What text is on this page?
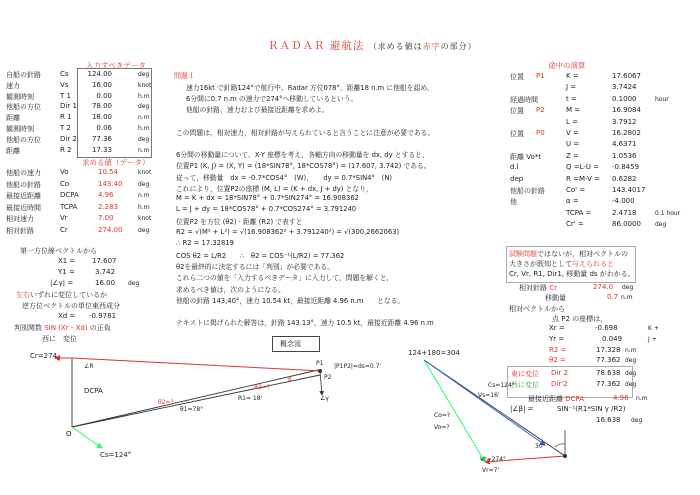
ＲＡＤＡＲ 避航法 （求める値は赤字の部分）
入力すべきデータ
自船の針路	Cs	124.00	deg
速力	Vs	16.00	knot
観測時刻	T 1	0.00	h.m
他船の方位	Dir 1 78.00	deg
距離	R 1	18.00	n.m
観測時刻	T 2	0.06	h.m
他船の方位	Dir 2 77.36	deg
距離	R 2	17.33	n.m
求める値（データ）
他船の速力	Vo	10.54	knot
他船の針路	Co	143.40	deg
最接近距離	DCPA	4.96	n.m
最接近時間	TCPA	2.283	h.m
相対速力	Vr	7.00	knot
相対針路	Cr	274.00	deg
第一方位線ベクトルから
X1 = 17.607
Y1 =	3.742
|∠γ| =	16.00 deg
左右いずれに変位しているか
逆方位ベクトルの単位東西成分
Xd = -0.9781
判別関数 SIN (Xr - Xd) の正負
西に　変位
問題１
速力16kt で針路124°で航行中、Radar 方位078°、距離18 n.m に他船を認め、
6分間に0.7 n.m の速力で274°へ移動しているという。
他船の針路、速力および最接近距離を求めよ。
この問題は，相対速力，相対針路が与えられていると言うことに注意が必要である。
6分間の移動量について、X-Y 座標を考え，各軸方向の移動量を dx, dy とすると，
位置P1 (K, J) = (X, Y) = (18*SIN78°, 18*COS78°) = (17.607, 3.742) である。
従って，移動量　dx = -0.7*COS4°　(W)，　　dy = 0.7*SIN4°　(N)
これにより，位置P2の座標 (M, L) = (K + dx, J + dy) となり，
M = K + dx = 18*SIN78° + 0.7*SIN274° = 16.908362
L = J + dy = 18*COS78° + 0.7*COS274° = 3.791240
位置P2 を方位 (θ2) · 距離 (R2) で表すと
R2 = √(M² + L²) = √(16.908362² + 3.791240²) = √(300,2662063)
∴ R2 = 17.32819
COS θ2 = L/R2　　∴　θ2 = COS⁻¹(L/R2) = 77.362
θ2を最終的に決定するには「判別」が必要である。
これら二つの値を「入力するべきデータ」に入力して，問題を解くと，
求めるべき値は，次のようになる。
他船の針路 143,40°，速力 10.54 kt，最接近距離 4.96 n.m　　となる。
テキストに掲げられた解答は，針路 143.13°，速力 10.5 kt，最接近距離 4.96 n.m
途中の演算
位置 P1	K =	17.6067
J =	3.7424
経過時間	t =	0.1000	hour
位置 P2	M =	16.9084
L =	3.7912
位置 P0	V =	16.2802
U =	4.6371
距離 Vo*t	Z =	1.0536
d.l	Q =L-U = -0.8459
dep	R =M-V = 0.6282
他船の針路	Co' =	143.4017
他	α =	-4.000
TCPA =	2.4718	0.1 hour
Cr' =	86.0000 deg
試験問題ではないが，相対ベクトルの
大きさが既知として与えられると
Cr, Vr, R1, Dir1, 移動量 ds がわかる。
相対針路 Cr	274.0 deg
移動量	0.7 n.m
相対ベクトルから
点 P2 の座標は，
Xr =	-0.698	K +
Yr =	0.049	J +
R2 =	17.328 n.m
θ2 =	77.362 deg
東に変位 Dir 2	78.638 deg
西に変位 Dir'2	77.362 deg
最接近距離 DCPA	4.96 n.m
|∠β| =	SIN⁻¹(R1*SIN γ /R2)
16.638 deg
概念図
Cr=274
∠R
DCPA
O
Cs=124°
θ2=?
θ1=78°
R1= 18'
R2=?
β
P1
P2
|P1P2|=ds=0.7'
∠γ
124+180=304
Cs=124°
Vs=16'
Co=?
Vo=?
Vr=274°
Vr=7'
30°
